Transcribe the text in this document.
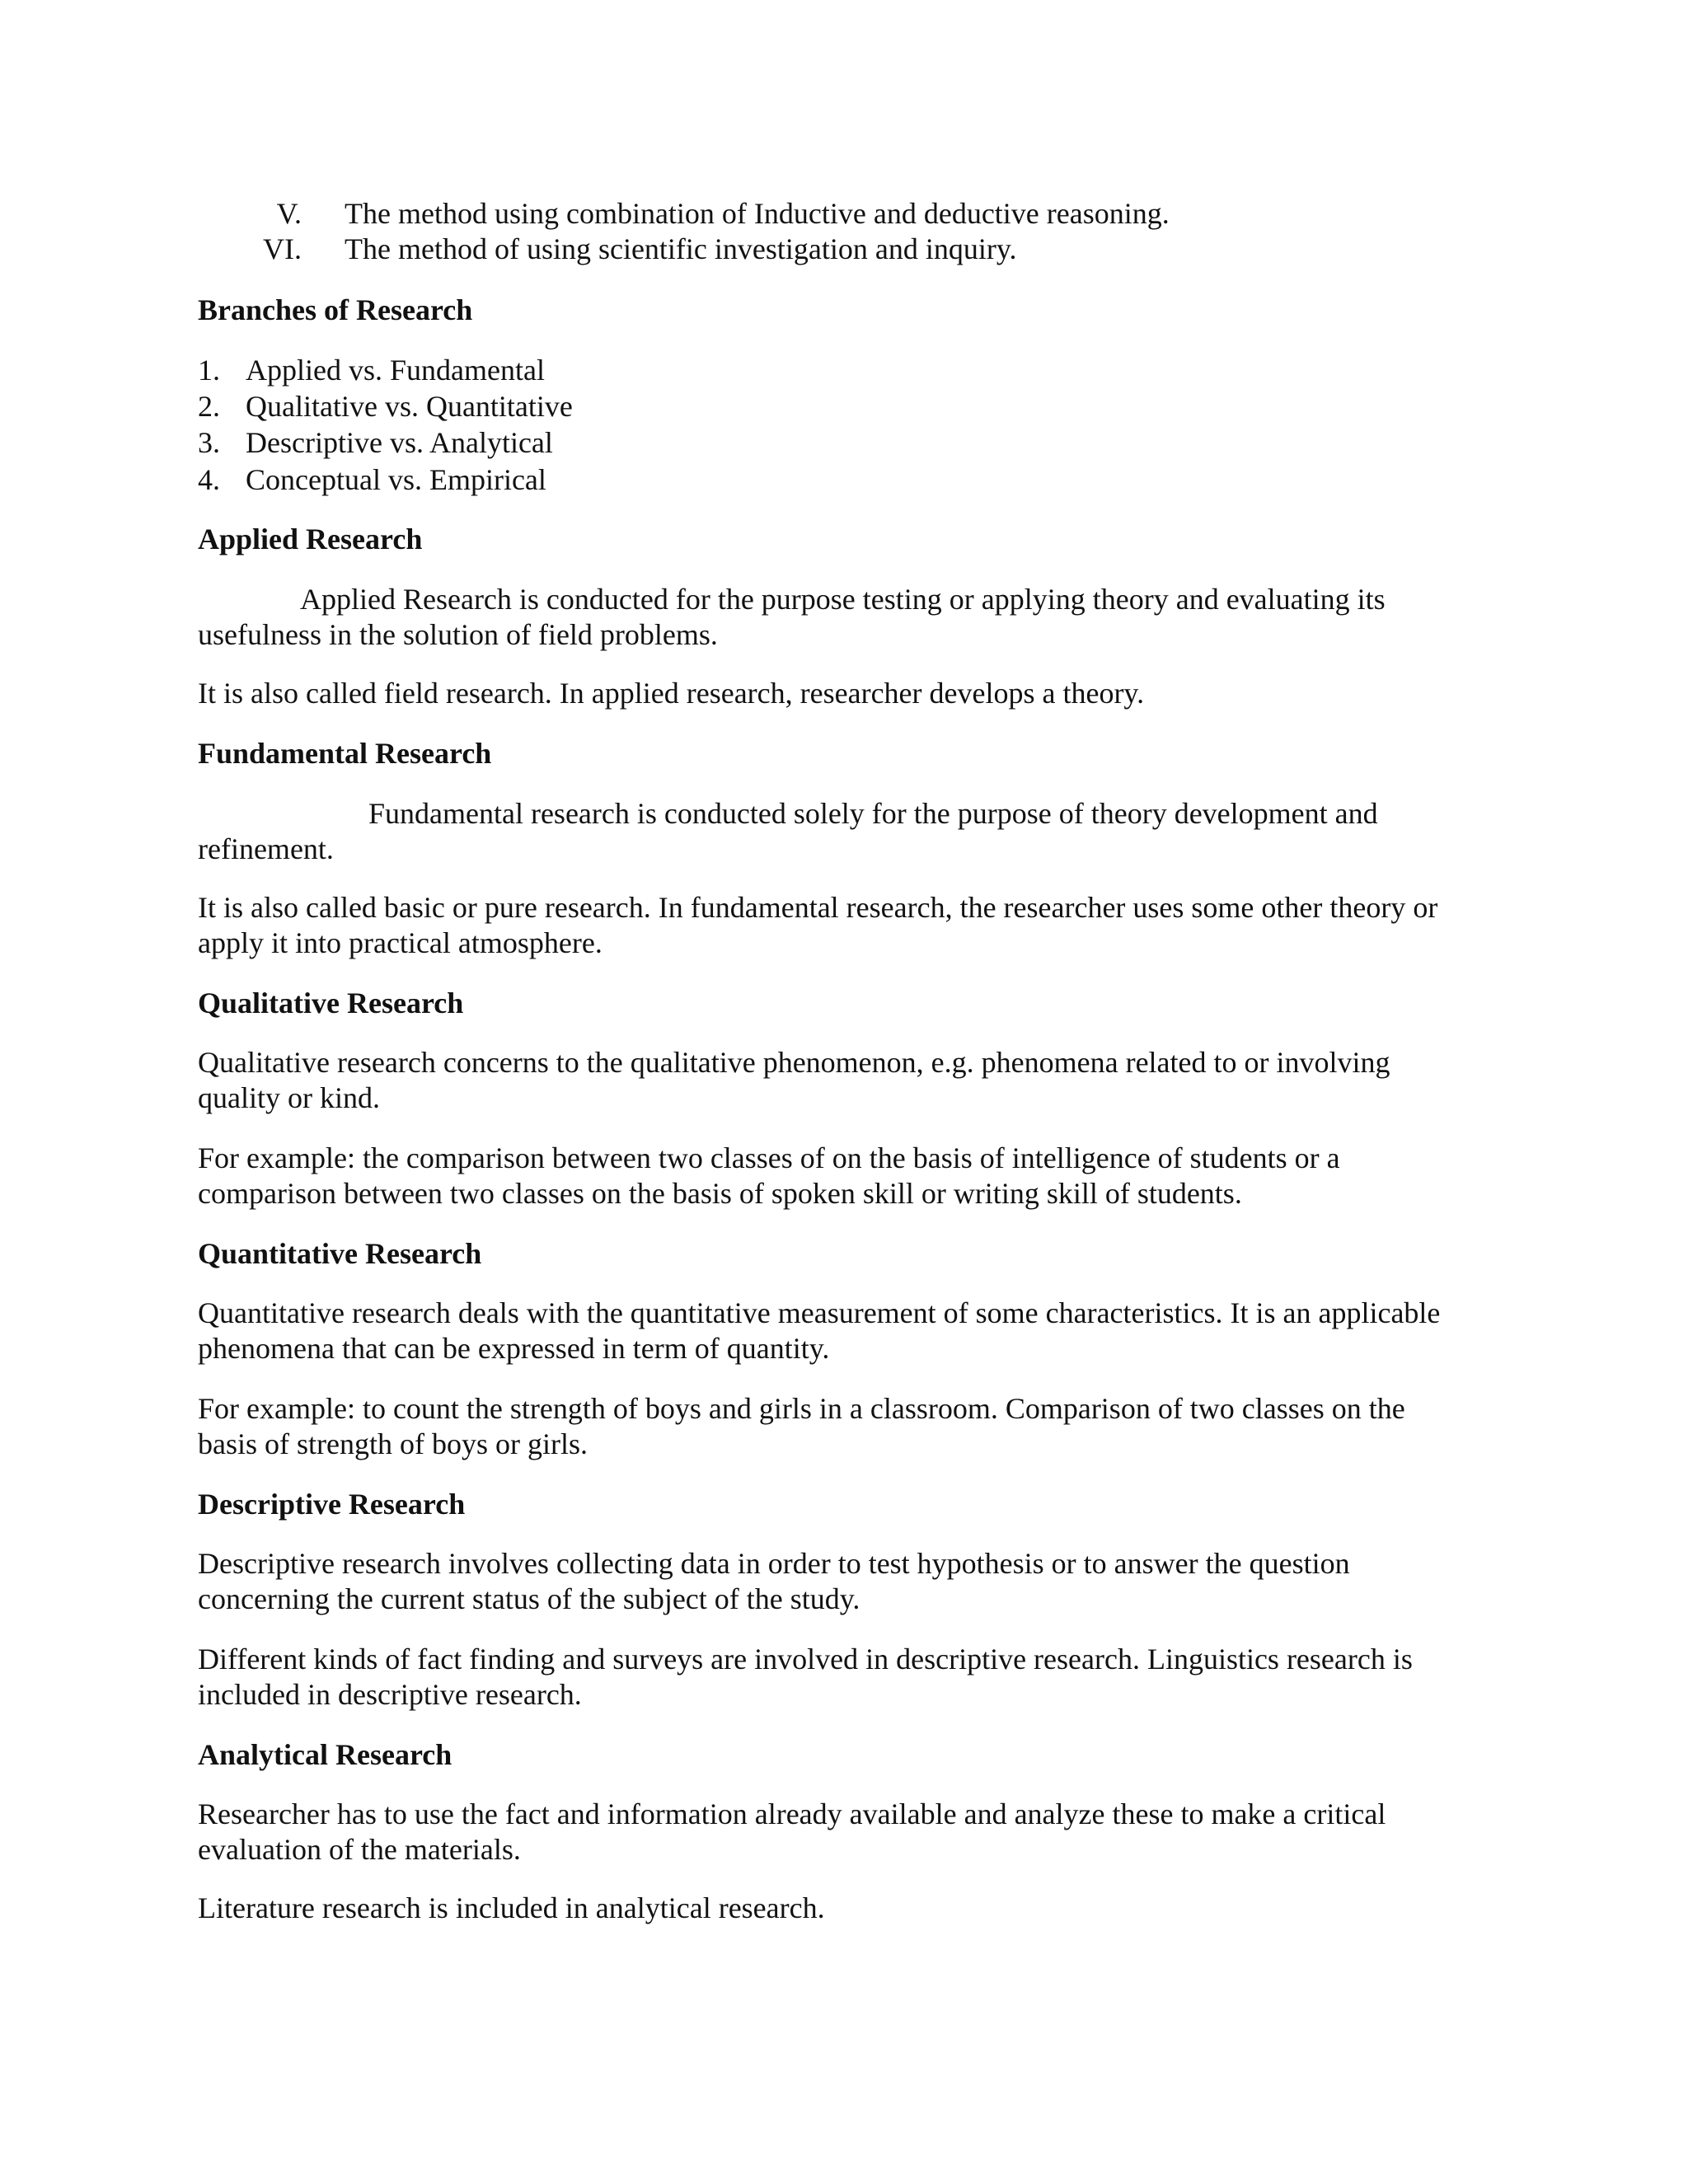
V. The method using combination of Inductive and deductive reasoning.
VI. The method of using scientific investigation and inquiry.
Branches of Research
1. Applied vs. Fundamental
2. Qualitative vs. Quantitative
3. Descriptive vs. Analytical
4. Conceptual vs. Empirical
Applied Research
Applied Research is conducted for the purpose testing or applying theory and evaluating its
usefulness in the solution of field problems.
It is also called field research. In applied research, researcher develops a theory.
Fundamental Research
Fundamental research is conducted solely for the purpose of theory development and
refinement.
It is also called basic or pure research. In fundamental research, the researcher uses some other theory or
apply it into practical atmosphere.
Qualitative Research
Qualitative research concerns to the qualitative phenomenon, e.g. phenomena related to or involving
quality or kind.
For example: the comparison between two classes of on the basis of intelligence of students or a
comparison between two classes on the basis of spoken skill or writing skill of students.
Quantitative Research
Quantitative research deals with the quantitative measurement of some characteristics. It is an applicable
phenomena that can be expressed in term of quantity.
For example: to count the strength of boys and girls in a classroom. Comparison of two classes on the
basis of strength of boys or girls.
Descriptive Research
Descriptive research involves collecting data in order to test hypothesis or to answer the question
concerning the current status of the subject of the study.
Different kinds of fact finding and surveys are involved in descriptive research. Linguistics research is
included in descriptive research.
Analytical Research
Researcher has to use the fact and information already available and analyze these to make a critical
evaluation of the materials.
Literature research is included in analytical research.
